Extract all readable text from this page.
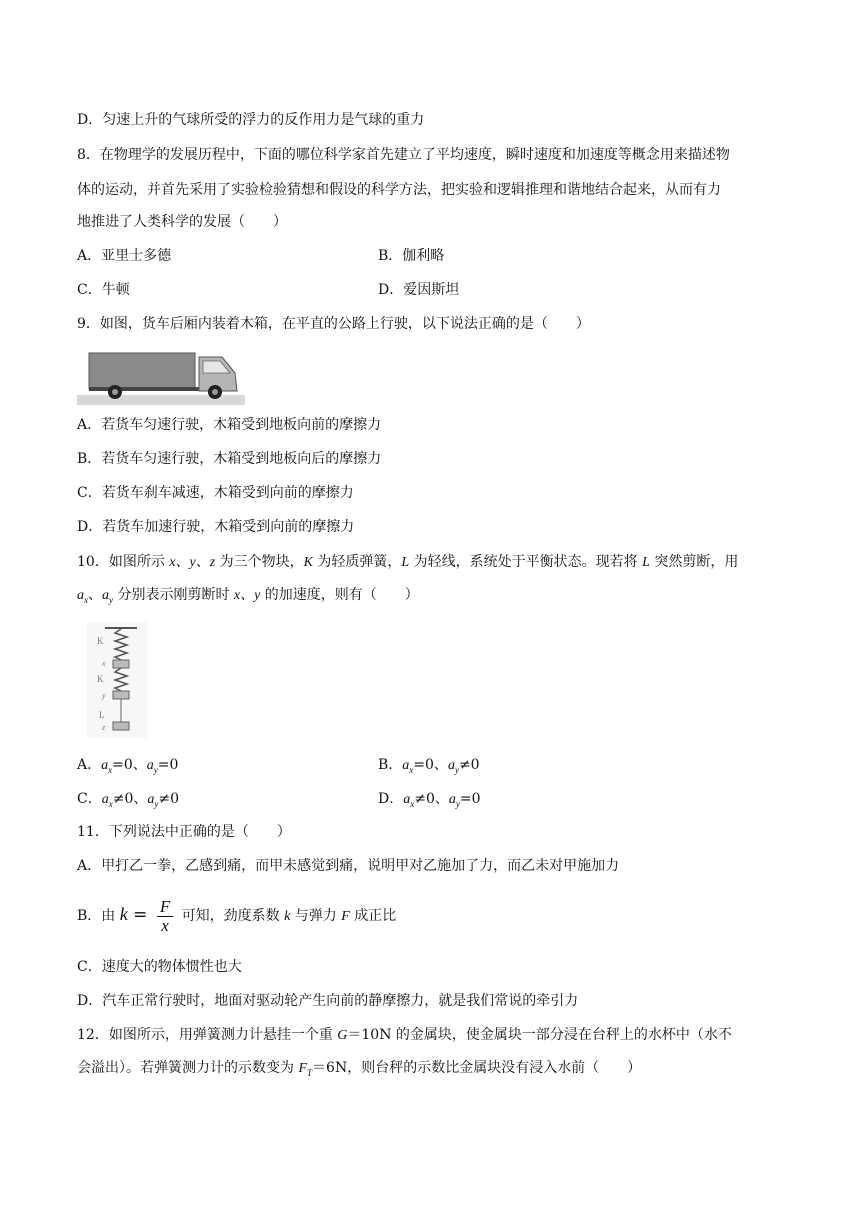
D．匀速上升的气球所受的浮力的反作用力是气球的重力
8．在物理学的发展历程中，下面的哪位科学家首先建立了平均速度，瞬时速度和加速度等概念用来描述物
体的运动，并首先采用了实验检验猜想和假设的科学方法，把实验和逻辑推理和谐地结合起来，从而有力
地推进了人类科学的发展（　　）
A．亚里士多德	B．伽利略
C．牛顿	D．爱因斯坦
9．如图，货车后厢内装着木箱，在平直的公路上行驶，以下说法正确的是（　　）
A．若货车匀速行驶，木箱受到地板向前的摩擦力
B．若货车匀速行驶，木箱受到地板向后的摩擦力
C．若货车刹车减速，木箱受到向前的摩擦力
D．若货车加速行驶，木箱受到向前的摩擦力
10．如图所示 x、y、z 为三个物块，K 为轻质弹簧，L 为轻线，系统处于平衡状态。现若将 L 突然剪断，用
$a_x$、$a_y$ 分别表示刚剪断时 x、y 的加速度，则有（　　）
K
x
K
y
L
z
A．$a_x=0$、$a_y=0$	B．$a_x=0$、$a_y\ne 0$
C．$a_x\ne 0$、$a_y\ne 0$	D．$a_x\ne 0$、$a_y=0$
11．下列说法中正确的是（　　）
A．甲打乙一拳，乙感到痛，而甲未感觉到痛，说明甲对乙施加了力，而乙未对甲施加力
B．由 $k = \frac{F}{x}$ 可知，劲度系数 k 与弹力 F 成正比
C．速度大的物体惯性也大
D．汽车正常行驶时，地面对驱动轮产生向前的静摩擦力，就是我们常说的牵引力
12．如图所示，用弹簧测力计悬挂一个重 G＝10N 的金属块，使金属块一部分浸在台秤上的水杯中（水不
会溢出）。若弹簧测力计的示数变为 $F_T=6N$，则台秤的示数比金属块没有浸入水前（　　）
